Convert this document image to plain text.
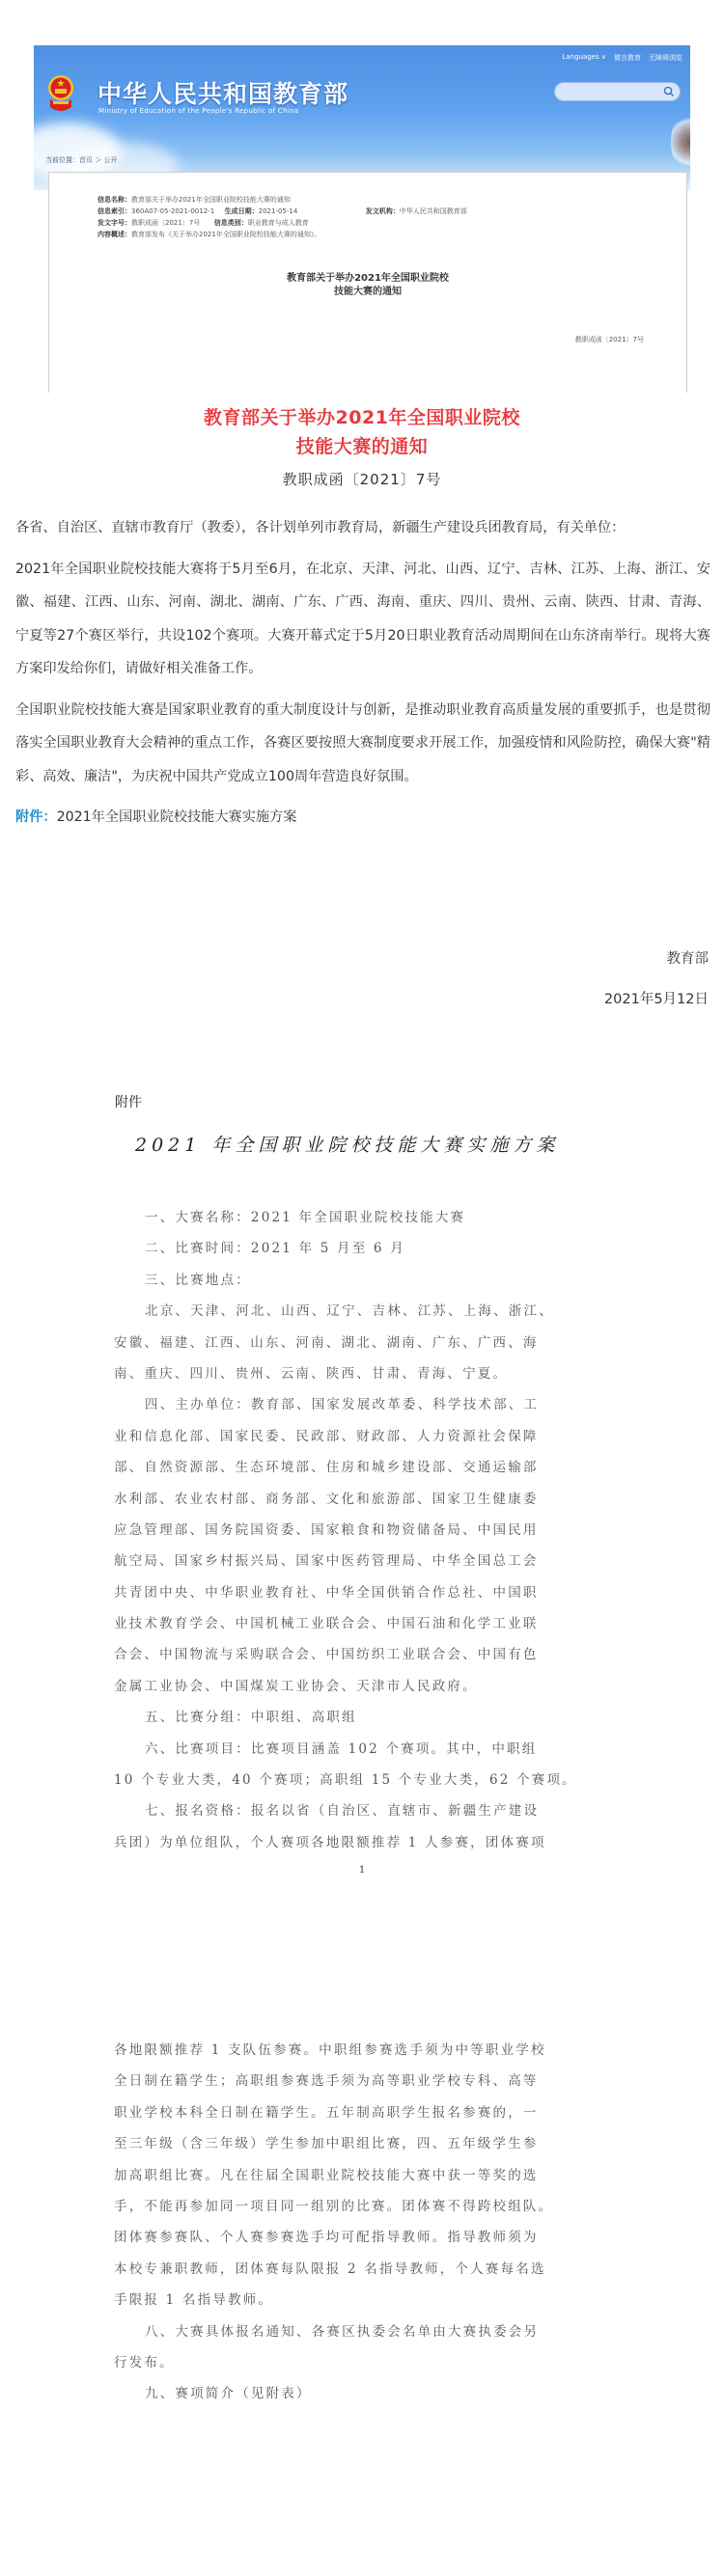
Languages ∨ 微言教育 无障碍浏览
中华人民共和国教育部
Ministry of Education of the People's Republic of China
当前位置：首页 ＞ 公开
信息名称：教育部关于举办2021年全国职业院校技能大赛的通知
信息索引：360A07-05-2021-0012-1 生成日期：2021-05-14	发文机构：中华人民共和国教育部
发文字号：教职成函〔2021〕7号 信息类别：职业教育与成人教育
内容概述：教育部发布《关于举办2021年全国职业院校技能大赛的通知》。
教育部关于举办2021年全国职业院校
技能大赛的通知
教职成函〔2021〕7号
教育部关于举办2021年全国职业院校
技能大赛的通知
教职成函〔2021〕7号

各省、自治区、直辖市教育厅（教委），各计划单列市教育局，新疆生产建设兵团教育局，有关单位：

2021年全国职业院校技能大赛将于5月至6月，在北京、天津、河北、山西、辽宁、吉林、江苏、上海、浙江、安徽、福建、江西、山东、河南、湖北、湖南、广东、广西、海南、重庆、四川、贵州、云南、陕西、甘肃、青海、宁夏等27个赛区举行，共设102个赛项。大赛开幕式定于5月20日职业教育活动周期间在山东济南举行。现将大赛方案印发给你们，请做好相关准备工作。

全国职业院校技能大赛是国家职业教育的重大制度设计与创新，是推动职业教育高质量发展的重要抓手，也是贯彻落实全国职业教育大会精神的重点工作，各赛区要按照大赛制度要求开展工作，加强疫情和风险防控，确保大赛"精彩、高效、廉洁"，为庆祝中国共产党成立100周年营造良好氛围。

附件：2021年全国职业院校技能大赛实施方案

教育部
2021年5月12日
附件
2021 年全国职业院校技能大赛实施方案
一、大赛名称：2021 年全国职业院校技能大赛
二、比赛时间：2021 年 5 月至 6 月
三、比赛地点：
北京、天津、河北、山西、辽宁、吉林、江苏、上海、浙江、
安徽、福建、江西、山东、河南、湖北、湖南、广东、广西、海
南、重庆、四川、贵州、云南、陕西、甘肃、青海、宁夏。
四、主办单位：教育部、国家发展改革委、科学技术部、工
业和信息化部、国家民委、民政部、财政部、人力资源社会保障
部、自然资源部、生态环境部、住房和城乡建设部、交通运输部
水利部、农业农村部、商务部、文化和旅游部、国家卫生健康委
应急管理部、国务院国资委、国家粮食和物资储备局、中国民用
航空局、国家乡村振兴局、国家中医药管理局、中华全国总工会
共青团中央、中华职业教育社、中华全国供销合作总社、中国职
业技术教育学会、中国机械工业联合会、中国石油和化学工业联
合会、中国物流与采购联合会、中国纺织工业联合会、中国有色
金属工业协会、中国煤炭工业协会、天津市人民政府。
五、比赛分组：中职组、高职组
六、比赛项目：比赛项目涵盖 102 个赛项。其中，中职组
10 个专业大类，40 个赛项；高职组 15 个专业大类，62 个赛项。
七、报名资格：报名以省（自治区、直辖市、新疆生产建设
兵团）为单位组队，个人赛项各地限额推荐 1 人参赛，团体赛项
1
各地限额推荐 1 支队伍参赛。中职组参赛选手须为中等职业学校
全日制在籍学生；高职组参赛选手须为高等职业学校专科、高等
职业学校本科全日制在籍学生。五年制高职学生报名参赛的，一
至三年级（含三年级）学生参加中职组比赛，四、五年级学生参
加高职组比赛。凡在往届全国职业院校技能大赛中获一等奖的选
手，不能再参加同一项目同一组别的比赛。团体赛不得跨校组队。
团体赛参赛队、个人赛参赛选手均可配指导教师。指导教师须为
本校专兼职教师，团体赛每队限报 2 名指导教师，个人赛每名选
手限报 1 名指导教师。
八、大赛具体报名通知、各赛区执委会名单由大赛执委会另
行发布。
九、赛项简介（见附表）
